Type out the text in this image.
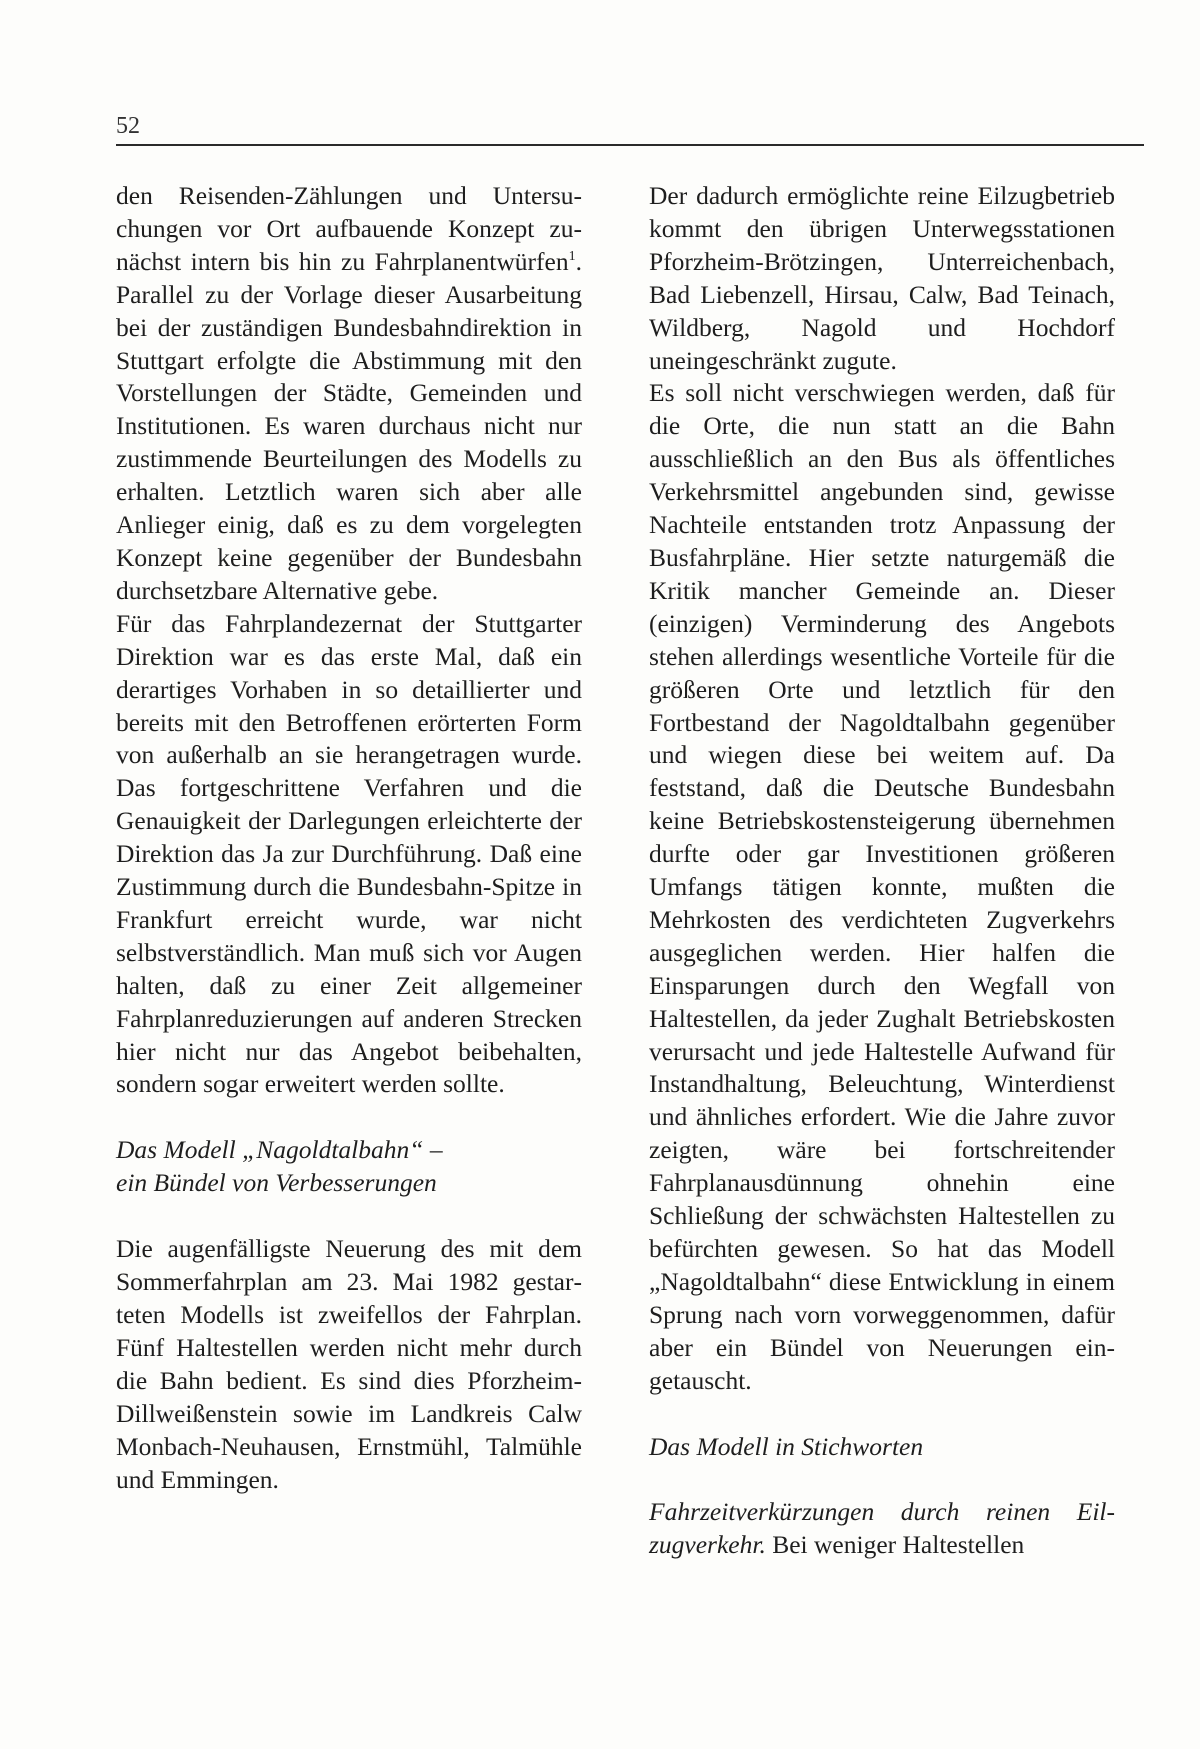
52

den Reisenden-Zählungen und Untersuchungen vor Ort aufbauende Konzept zunächst intern bis hin zu Fahrplanentwürfen$^1$. Parallel zu der Vorlage dieser Ausarbeitung bei der zuständigen Bundesbahndirektion in Stuttgart erfolgte die Abstimmung mit den Vorstellungen der Städte, Gemeinden und Institutionen. Es waren durchaus nicht nur zustimmende Beurteilungen des Modells zu erhalten. Letztlich waren sich aber alle Anlieger einig, daß es zu dem vorgelegten Konzept keine gegenüber der Bundesbahn durchsetzbare Alternative gebe.

Für das Fahrplandezernat der Stuttgarter Direktion war es das erste Mal, daß ein derartiges Vorhaben in so detaillierter und bereits mit den Betroffenen erörterten Form von außerhalb an sie herangetragen wurde. Das fortgeschrittene Verfahren und die Genauigkeit der Darlegungen erleichterte der Direktion das Ja zur Durchführung. Daß eine Zustimmung durch die Bundesbahn-Spitze in Frankfurt erreicht wurde, war nicht selbstverständlich. Man muß sich vor Augen halten, daß zu einer Zeit allgemeiner Fahrplanreduzierungen auf anderen Strecken hier nicht nur das Angebot beibehalten, sondern sogar erweitert werden sollte.

Das Modell „Nagoldtalbahn“ –

ein Bündel von Verbesserungen

Die augenfälligste Neuerung des mit dem Sommerfahrplan am 23. Mai 1982 gestarteten Modells ist zweifellos der Fahrplan. Fünf Haltestellen werden nicht mehr durch die Bahn bedient. Es sind dies Pforzheim-Dillweißenstein sowie im Landkreis Calw Monbach-Neuhausen, Ernstmühl, Talmühle und Emmingen.

Der dadurch ermöglichte reine Eilzugbetrieb kommt den übrigen Unterwegsstationen Pforzheim-Brötzingen, Unterreichenbach, Bad Liebenzell, Hirsau, Calw, Bad Teinach, Wildberg, Nagold und Hochdorf uneingeschränkt zugute.

Es soll nicht verschwiegen werden, daß für die Orte, die nun statt an die Bahn ausschließlich an den Bus als öffentliches Verkehrsmittel angebunden sind, gewisse Nachteile entstanden trotz Anpassung der Busfahrpläne. Hier setzte naturgemäß die Kritik mancher Gemeinde an. Dieser (einzigen) Verminderung des Angebots stehen allerdings wesentliche Vorteile für die größeren Orte und letztlich für den Fortbestand der Nagoldtalbahn gegenüber und wiegen diese bei weitem auf. Da feststand, daß die Deutsche Bundesbahn keine Betriebskostensteigerung übernehmen durfte oder gar Investitionen größeren Umfangs tätigen konnte, mußten die Mehrkosten des verdichteten Zugverkehrs ausgeglichen werden. Hier halfen die Einsparungen durch den Wegfall von Haltestellen, da jeder Zughalt Betriebskosten verursacht und jede Haltestelle Aufwand für Instandhaltung, Beleuchtung, Winterdienst und ähnliches erfordert. Wie die Jahre zuvor zeigten, wäre bei fortschreitender Fahrplanausdünnung ohnehin eine Schließung der schwächsten Haltestellen zu befürchten gewesen. So hat das Modell „Nagoldtalbahn“ diese Entwicklung in einem Sprung nach vorn vorweggenommen, dafür aber ein Bündel von Neuerungen eingetauscht.

Das Modell in Stichworten

Fahrzeitverkürzungen durch reinen Eilzugverkehr. Bei weniger Haltestellen
